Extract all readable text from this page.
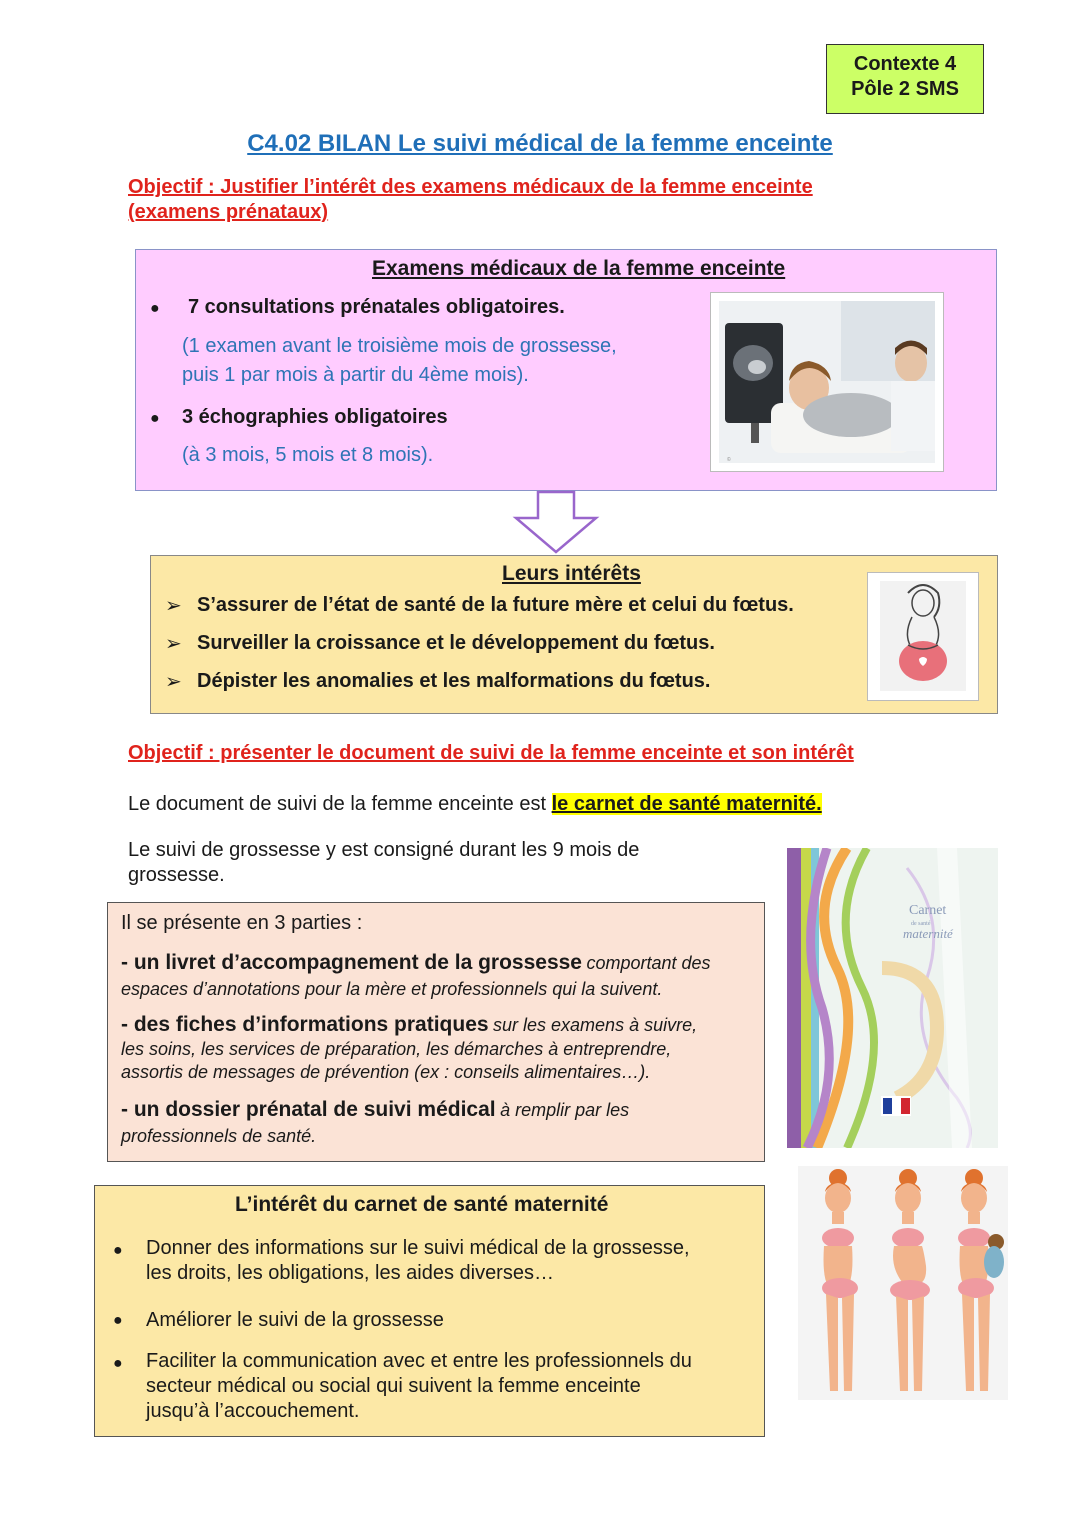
Contexte 4
Pôle 2 SMS
C4.02 BILAN Le suivi médical de la femme enceinte
Objectif : Justifier l’intérêt des examens médicaux de la femme enceinte
(examens prénataux)
Examens médicaux de la femme enceinte
● 7 consultations prénatales obligatoires.
(1 examen avant le troisième mois de grossesse,
puis 1 par mois à partir du 4ème mois).
● 3 échographies obligatoires
(à 3 mois, 5 mois et 8 mois).	©
Leurs intérêts
➢ S’assurer de l’état de santé de la future mère et celui du fœtus.
➢ Surveiller la croissance et le développement du fœtus.
➢ Dépister les anomalies et les malformations du fœtus.
Objectif : présenter le document de suivi de la femme enceinte et son intérêt
Le document de suivi de la femme enceinte est le carnet de santé maternité.
Le suivi de grossesse y est consigné durant les 9 mois de
grossesse.
Il se présente en 3 parties :
- un livret d’accompagnement de la grossesse comportant des
espaces d’annotations pour la mère et professionnels qui la suivent.
- des fiches d’informations pratiques sur les examens à suivre,
les soins, les services de préparation, les démarches à entreprendre,
assortis de messages de prévention (ex : conseils alimentaires…).
- un dossier prénatal de suivi médical à remplir par les
professionnels de santé.
Carnet
de santé
maternité
L’intérêt du carnet de santé maternité
● Donner des informations sur le suivi médical de la grossesse,
les droits, les obligations, les aides diverses…
● Améliorer le suivi de la grossesse
● Faciliter la communication avec et entre les professionnels du
secteur médical ou social qui suivent la femme enceinte
jusqu’à l’accouchement.
